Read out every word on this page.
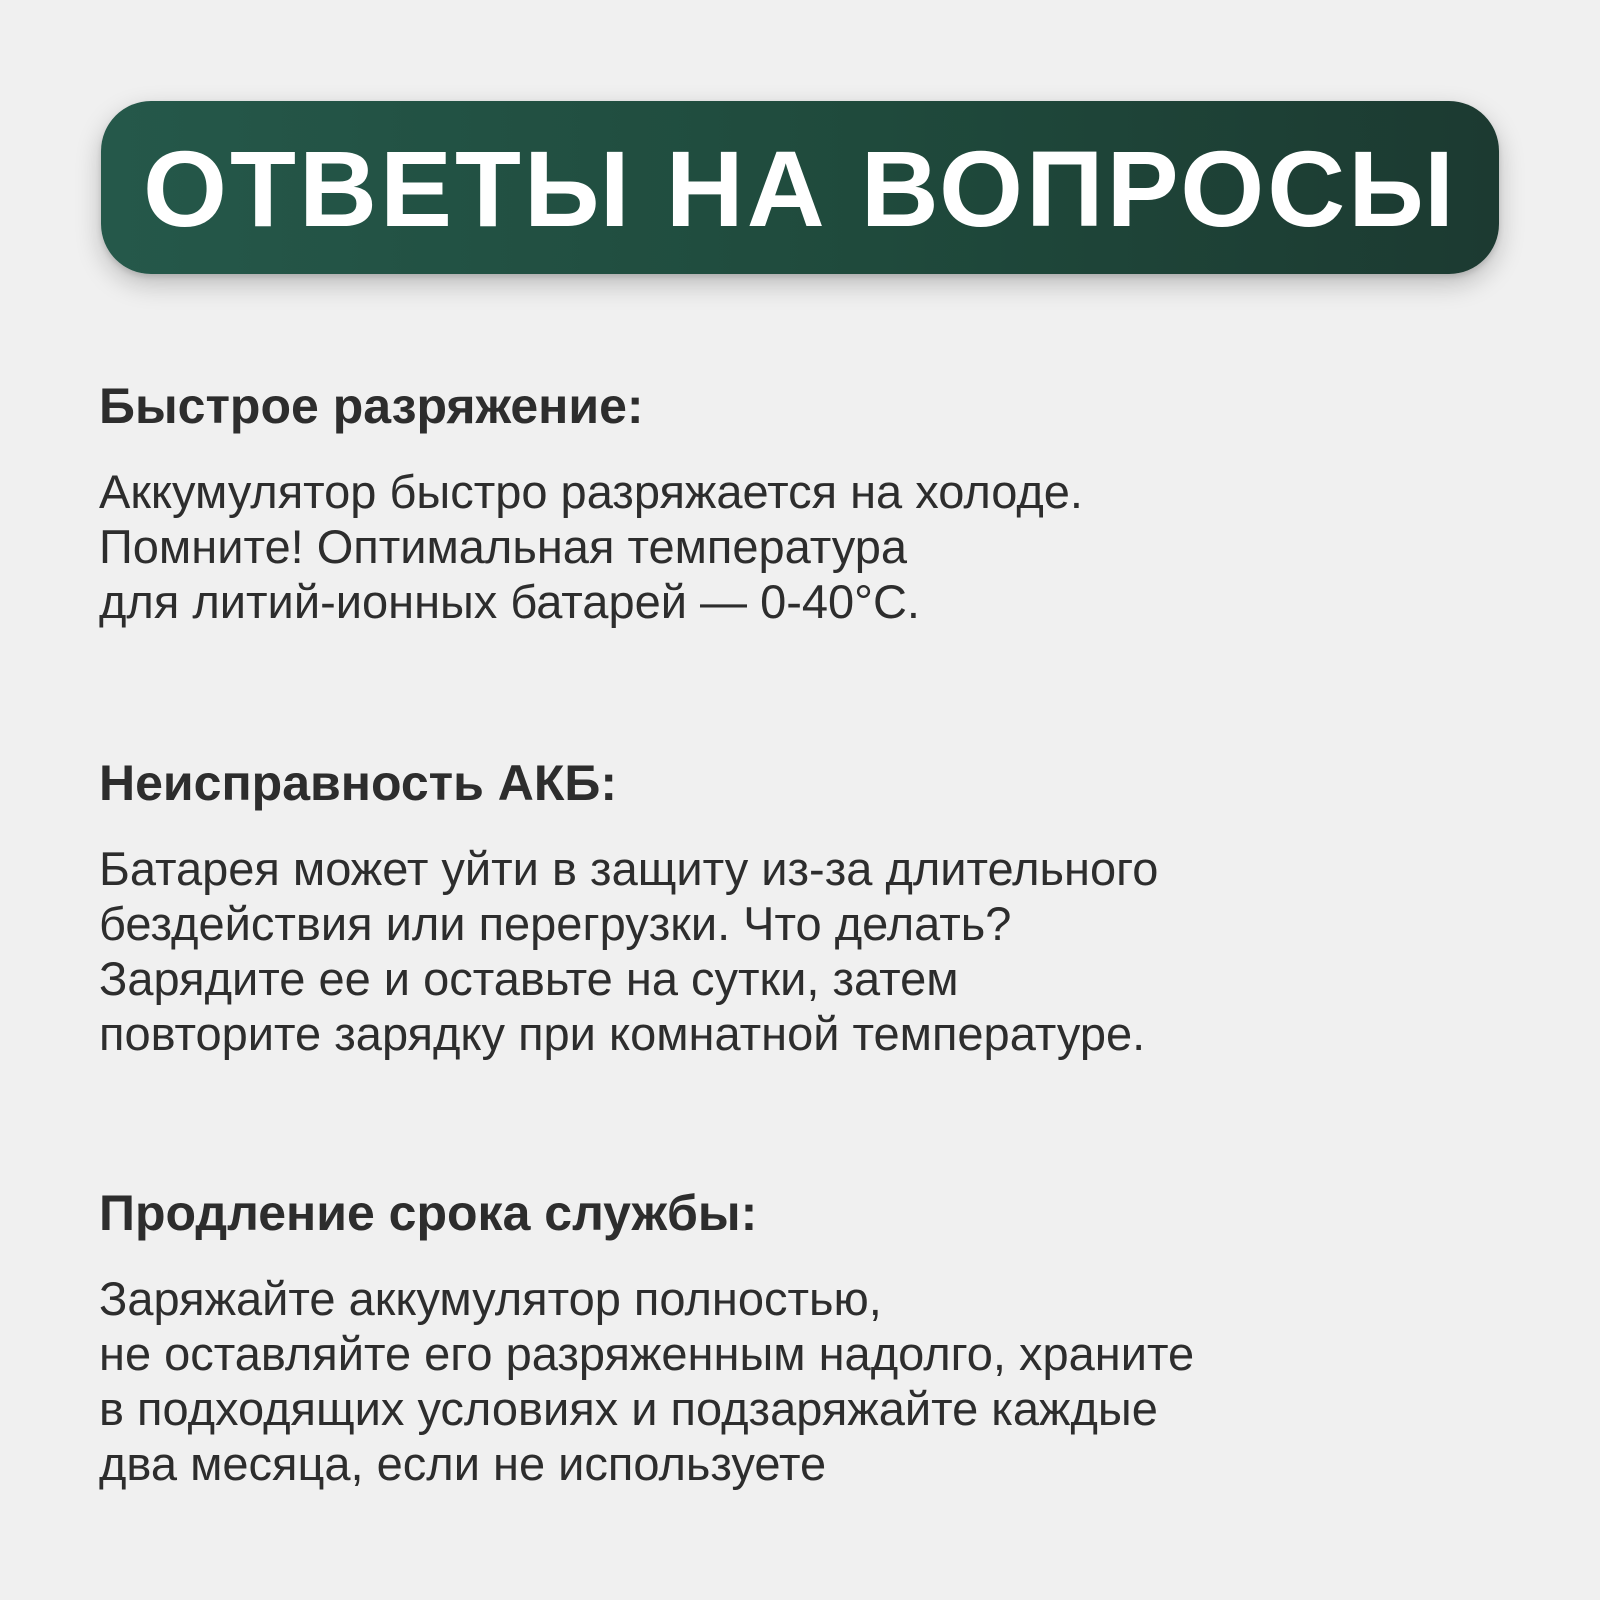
ОТВЕТЫ НА ВОПРОСЫ
Быстрое разряжение:
Аккумулятор быстро разряжается на холоде.
Помните! Оптимальная температура
для литий-ионных батарей — 0-40°C.
Неисправность АКБ:
Батарея может уйти в защиту из-за длительного
бездействия или перегрузки. Что делать?
Зарядите ее и оставьте на сутки, затем
повторите зарядку при комнатной температуре.
Продление срока службы:
Заряжайте аккумулятор полностью,
не оставляйте его разряженным надолго, храните
в подходящих условиях и подзаряжайте каждые
два месяца, если не используете
